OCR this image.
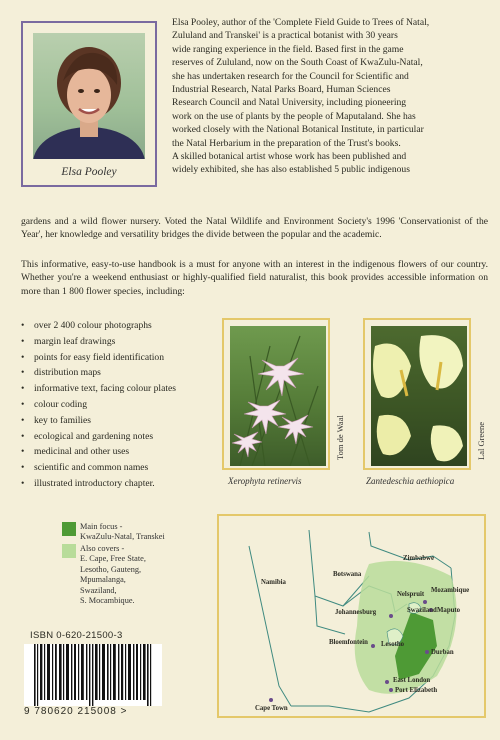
Elsa Pooley
Elsa Pooley, author of the 'Complete Field Guide to Trees of Natal,
Zululand and Transkei' is a practical botanist with 30 years
wide ranging experience in the field. Based first in the game
reserves of Zululand, now on the South Coast of KwaZulu-Natal,
she has undertaken research for the Council for Scientific and
Industrial Research, Natal Parks Board, Human Sciences
Research Council and Natal University, including pioneering
work on the use of plants by the people of Maputaland. She has
worked closely with the National Botanical Institute, in particular
the Natal Herbarium in the preparation of the Trust's books.
A skilled botanical artist whose work has been published and
widely exhibited, she has also established 5 public indigenous
gardens and a wild flower nursery. Voted the Natal Wildlife and Environment Society's 1996 'Conservationist of the Year', her knowledge and versatility bridges the divide between the popular and the academic.
This informative, easy-to-use handbook is a must for anyone with an interest in the indigenous flowers of our country. Whether you're a weekend enthusiast or highly-qualified field naturalist, this book provides accessible information on more than 1 800 flower species, including:
• over 2 400 colour photographs
• margin leaf drawings
• points for easy field identification
• distribution maps
• informative text, facing colour plates
• colour coding
• key to families
• ecological and gardening notes
• medicinal and other uses
• scientific and common names
• illustrated introductory chapter.
Tom de Waal
Xerophyta retinervis
Lal Greene
Zantedeschia aethiopica
Main focus -
KwaZulu-Natal, Transkei
Also covers -
E. Cape, Free State,
Lesotho, Gauteng,
Mpumalanga,
Swaziland,
S. Mocambique.
Zimbabwe
Mozambique
Namibia
Botswana
Nelspruit
Johannesburg	Swaziland Maputo
Bloemfontein Lesotho
Durban
East London
Port Elizabeth
Cape Town
ISBN 0-620-21500-3
9 780620 215008 >
